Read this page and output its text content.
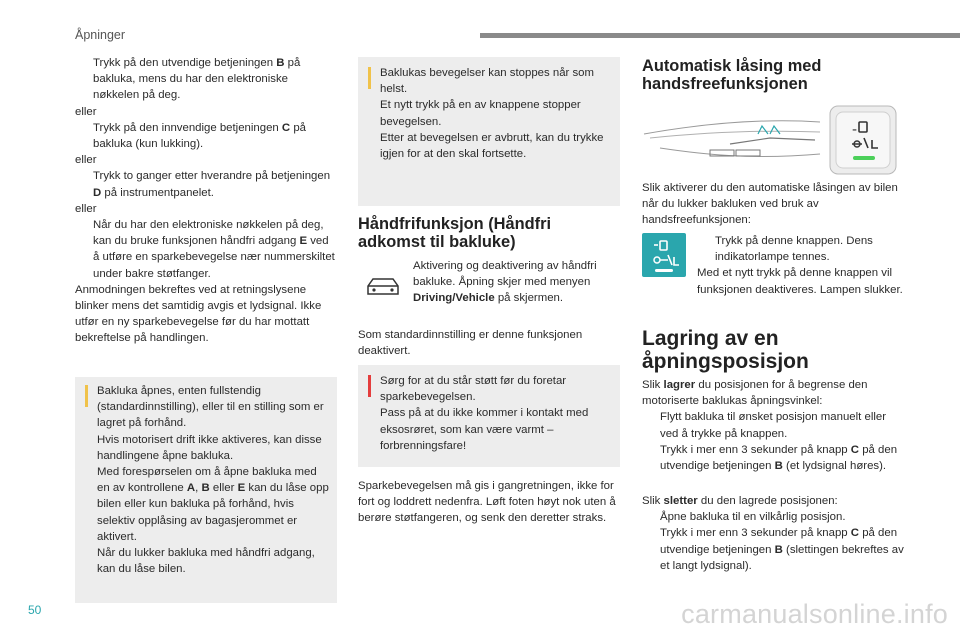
Åpninger
Trykk på den utvendige betjeningen B på bakluka, mens du har den elektroniske nøkkelen på deg.
eller
Trykk på den innvendige betjeningen C på bakluka (kun lukking).
eller
Trykk to ganger etter hverandre på betjeningen D på instrumentpanelet.
eller
Når du har den elektroniske nøkkelen på deg, kan du bruke funksjonen håndfri adgang E ved å utføre en sparkebevegelse nær nummerskiltet under bakre støtfanger.
Anmodningen bekreftes ved at retningslysene blinker mens det samtidig avgis et lydsignal. Ikke utfør en ny sparkebevegelse før du har mottatt bekreftelse på handlingen.
Bakluka åpnes, enten fullstendig (standardinnstilling), eller til en stilling som er lagret på forhånd.
Hvis motorisert drift ikke aktiveres, kan disse handlingene åpne bakluka.
Med forespørselen om å åpne bakluka med en av kontrollene A, B eller E kan du låse opp bilen eller kun bakluka på forhånd, hvis selektiv opplåsing av bagasjerommet er aktivert.
Når du lukker bakluka med håndfri adgang, kan du låse bilen.
Baklukas bevegelser kan stoppes når som helst.
Et nytt trykk på en av knappene stopper bevegelsen.
Etter at bevegelsen er avbrutt, kan du trykke igjen for at den skal fortsette.
Håndfrifunksjon (Håndfri adkomst til bakluke)
Aktivering og deaktivering av håndfri bakluke. Åpning skjer med menyen Driving/Vehicle på skjermen.
Som standardinnstilling er denne funksjonen deaktivert.
Sørg for at du står støtt før du foretar sparkebevegelsen.
Pass på at du ikke kommer i kontakt med eksosrøret, som kan være varmt – forbrenningsfare!
Sparkebevegelsen må gis i gangretningen, ikke for fort og loddrett nedenfra. Løft foten høyt nok uten å berøre støtfangeren, og senk den deretter straks.
Automatisk låsing med handsfreefunksjonen
-
Slik aktiverer du den automatiske låsingen av bilen når du lukker bakluken ved bruk av handsfreefunksjonen:
Trykk på denne knappen. Dens indikatorlampe tennes.
Med et nytt trykk på denne knappen vil funksjonen deaktiveres. Lampen slukker.
Lagring av en åpningsposisjon
Slik lagrer du posisjonen for å begrense den motoriserte baklukas åpningsvinkel:
Flytt bakluka til ønsket posisjon manuelt eller ved å trykke på knappen.
Trykk i mer enn 3 sekunder på knapp C på den utvendige betjeningen B (et lydsignal høres).
Slik sletter du den lagrede posisjonen:
Åpne bakluka til en vilkårlig posisjon.
Trykk i mer enn 3 sekunder på knapp C på den utvendige betjeningen B (slettingen bekreftes av et langt lydsignal).
50	carmanualsonline.info
